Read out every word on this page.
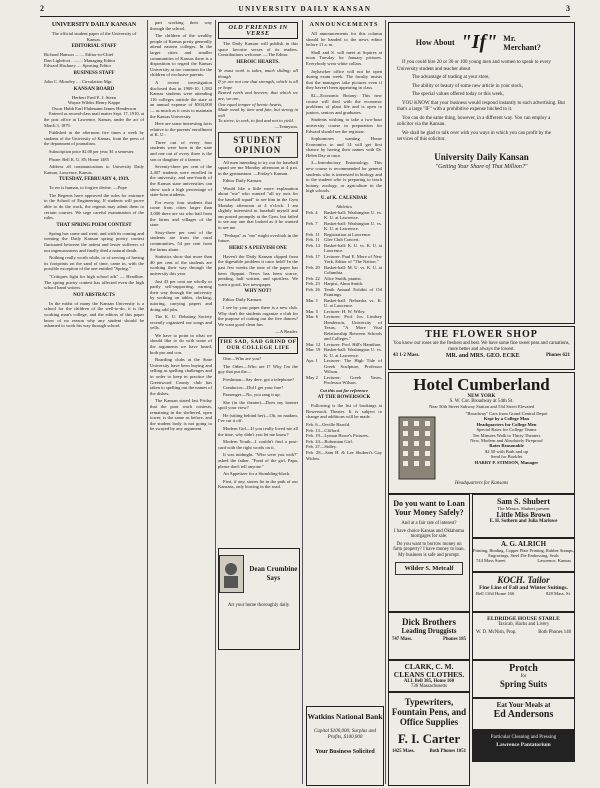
2	UNIVERSITY DAILY KANSAN	3
UNIVERSITY DAILY KANSAN
The official student paper of the University of Kansas.
EDITORIAL STAFF
Richard Hanson ........ Editor-in-Chief
Dan Lightfoot .......... Managing Editor
Edward Hackney .... Sporting Editor
BUSINESS STAFF
John C. Moseley .... Circulation Mgr.
KANSAN BOARD
Herbert Fred E. J. Steen
Wayne Wildes Henry Kappe
Oscar Hubb Earl Fluhmann James Henderson

Entered as second-class mail matter Sept. 17, 1910, at the post office at Lawrence, Kansas, under the act of March 3, 1879.

Published in the afternoon five times a week by students of the University of Kansas, from the press of the department of journalism.

Subscription price $2.00 per year, $1 a semester.

Phone: Bell K. U. 85; Home 1485

Address all communications to University Daily Kansan, Lawrence, Kansas.

TUESDAY, FEBRUARY 4, 1919.

To err is human, to forgive divine. —Pope

The Regents have approved the rules for entrance to the School of Engineering. If students will prove able to do the work, the regents may admit them to certain courses. We urge careful examination of the rules.

THAT SPRING POEM CONTEST

Spring has come and went, and with its coming and wenting the Daily Kansan spring poetry contest fluctuated between the ardent and lesser sufferers of our ingenuousness and finally died a natural death.

Nothing really worth while, or of serving of having its footprints on the sand of time, came in, with the possible exception of the one entitled "Spring."

"Critiques fight for high school ads" — Headline. The spring poetry contest has affected even the high school band writers.

NOT ABSTRACTS

In the midst of many the Kansan University is a school for the children of the well-to-do, it is the working man's college, and the editors of this paper know of no reason why any student should be ashamed to work his way through school.

part working their way through the school.

The children of the wealthy people of Kansas pretty generally attend eastern colleges. In the larger cities and smaller communities of Kansas there is a disposition to regard the Kansas University as too common for the children of exclusive parents.

A recent investigation disclosed that in 1909-10, 1,582 Kansas students were attending 116 colleges outside the state at an annual expense of $504,000 — as much as it costs to maintain the Kansas University.

Here are some interesting facts relative to the parents' enrollment at K. U.:

Three out of every four students were born in the state and one out of every three is the son or daughter of a farmer.

Seventy-three per cent of the 2,407 students were enrolled in the university, and one-fourth of the Kansas state universities can show such a high percentage of state-born students.

For every four students that come from cities larger than 3,000 there are six who hail from the farms and villages of the state.

Sixty-three per cent of the students are from the rural communities, 54 per cent from the farms alone.

Statistics show that more than 40 per cent of the students are working their way through the university this year.

Just 43 per cent are wholly or partly self-supporting, earning their way through the university by working on tables, clerking, tutoring, carrying papers and doing odd jobs.

The K. U. Debating Society recently organized our songs and yells.

We have to point to what we should like to do with some of the arguments we have heard, both pro and con.

Boarding clubs at the State University have been buying and selling as spelling challenges and in order to keep in practice the Greenwood County club has taken to spelling out the names of the dishes.

The Kansan stated last Friday that the poor work contests, remaining in the sheltered, open tower, is the same as before, and the student body is not going to be swayed by any argument.

OLD FRIENDS IN VERSE

The Daily Kansan will publish in this space favorite verses of its readers. Contributions welcome. —The Editor.

HEROIC HEARTS.
Ye must work is takes, much sliding; all though
If ye are not one that strength, which is all ye hope
Reared earth and heaven; that which we are, we are,
One equal temper of heroic hearts,
Made weak by time and fate, but strong in will
To strive, to seek, to find and not to yield.
—Tennyson.
STUDENT OPINION

All men intending to try out for baseball squad see me Monday afternoon at 4 p.m. in the gymnasium. —Friday's Kansan.

Editor Daily Kansan:

Would like a little more explanation about "me" who wanted "all try outs for the baseball squad" to see him in the Gym Monday afternoon at 4 o'clock. I am slightly interested in baseball myself and am posted promptly at the Gym, but failed to see any one that looked as if he wanted to see me.

"Perhaps" as "me" might overlook in the future.

HERE'S A PEEVISH ONE

Haven't the Daily Kansan clipped from the digestible problem it once held? In the past few weeks the tone of the paper has been flippant. News has been scarce, pending, half written, and spiritless. We want a good, live newspaper.

WHY NOT?

Editor Daily Kansan:

I see by your paper there is a new club. Why don't the students organize a club for the purpose of cutting out the five dances? We want good clean fun.

—A Reader.
THE SAD, SAD GRIND OF OUR COLLEGE LIFE

One—Who are you?

The Other—Who are I? Why I'm the guy that put the—

Freshman—Say dere, got a telephone?

Conductor—Did I get your fare?

Passenger—No, you rang it up.

She (in the theater)—Does my bonnet spoil your view?

He (sitting behind her)—Oh, no madam, I've cut it off.

Modern Girl—If you really loved me all the time, why didn't you let me know?

Modern Youth—I couldn't find a post-card with the right words on it.

It was midnight. "Who were you with?" asked the father. "Fond of the girl, Papa, please don't tell anyone."

An Appetizer for a Stumbling-block.

First, if any, stones lie in the path of our Kansans, only bowing in the road.

ANNOUNCEMENTS

All announcements for this column should be handed to the news editor before 11 a. m.

Shall and S. will meet at Squires at noon Tuesday for January pictures. Everybody wear white collars.

Jayhawker office will not be open during exam week. The faculty insists that the managers take pictures even if they haven't been appearing in class.

82—Economic Botany: This new course will deal with the economic problems of plant life and is open to juniors, seniors and graduates.

Students wishing to take a two-hour university course in preparation for Edward should see the registrar.

Sophomores wanting Home Economics to and 14 will get first chance by having their names with Dr. Helen Day at once.

3—Introductory Entomology. This new course is recommended for general students who is interested in biology and to the student who is preparing to teach botany, zoology, or agriculture in the high schools.

U. of K. CALENDAR
Athletics
Feb. 4	Basket-ball: Washington U. vs. K. U. at Lawrence.
Feb. 7	Basket-ball: Washington U. vs. K. U. at Lawrence.
Feb. 11 Registration at Lawrence.
Feb. 11 Glee Club Concert.
Feb. 14 Basket-ball: K. U. vs. K. U. at Lawrence.
Feb. 17 Lecturer: Paul E. More of New York, Editor of "The Nation."
Feb. 20 Basket-ball: M. U. vs. K. U. at Columbia.
Feb. 22 Alice Smith, pianist.
Feb. 23 Harpist, Alma Smith.
Feb. 26 Tenth Annual Exhibit of Oil Paintings.
Mar. 1	Basket-ball: Nebraska vs. K. U. at Lawrence.
Mar. 5	Lecturer: H. W. Wiley.
Mar. 6	Lecturer: Prof. Jos. Lindsey Henderson, University of Texas, "A More Vital Relationship Between Schools and Colleges."
Mar. 12 Lecturer: Prof. Hill's Hamilton.
Mar. 19 Basket-ball: Washington U. vs. K. U. at Lawrence.
Apr. 1	Lecturer: The High Tide of Greek Sculpture, Professor Wilson.
May 2	Lecturer: Greek Vases, Professor Wilson.
Cut this out for reference
AT THE BOWERSOCK

Following is the list of bookings at Bowersock Theater. It is subject to change and additions will be made.

Feb. 6—Orville Harold.
Feb. 13—Clifford.
Feb. 19—Lyman Howe's Pictures.
Feb. 24—Bohemian Girl.
Feb. 27—Sidley.
Feb. 28—Sam H. & Lee Shubert's Gay Widow.
Dean Crumbine Says
Art your home thoroughly daily.
How About "If" Mr. Merchant?

If you could hire 20 or 30 or 100 young men and women to speak to every University student and teacher about

The advantage of trading at your store,

The ability or beauty of some new article in your stock,

The special values offered today or this week,

YOU KNOW that your business would respond instantly to such advertising. But that's a large "IF" with a prohibitive expense hitched to it.

You can do the same thing, however, in a different way. You can employ a solicitor via the Kansan.

We shall be glad to talk over with you ways in which you can profit by the services of this solicitor.

University Daily Kansan
"Getting Your Share of That Million?"
THE FLOWER SHOP
You know our roses are the freshest and best. We have some fine sweet peas and carnations, more better and always the lowest.
43 1-2 Mass.	MR. and MRS. GEO. ECKE	Phones 621
Hotel Cumberland
NEW YORK
S. W. Cor. Broadway at 54th St.
Near 50th Street Subway Station and 53d Street Elevated
"Broadway" Cars from Grand Central Depot
Kept by a College Man
Headquarters for College Men
Special Rates for College Teams
Ten Minutes Walk to Thirty Theaters
New, Modern and Absolutely Fireproof
Rates Reasonable
$2.50 with Bath and up
Send for Booklet
HARRY P. STIMSON, Manager
Headquarters for Kansans
Do you want to Loan Your Money Safely?
And at a fair rate of interest?
I have choice Kansas and Oklahoma mortgages for sale.
Do you want to borrow money on farm property? I have money to loan. My business is safe and prompt.
Wilder S. Metcalf
Sam S. Shubert
The Messrs. Shubert present
Little Miss Brown
E. H. Sothern and Julia Marlowe
A. G. ALRICH
Printing, Binding, Copper Plate Printing, Rubber Stamps, Engravings, Steel Die Embossing, Seals
744 Mass Street	Lawrence, Kansas
KOCH. Tailor
Fine Line of Fall and Winter Suitings.
Bell 1164 Home 166	828 Mass. St.
Dick Brothers
Leading Druggists
747 Mass.	Phones 185
ELDRIDGE HOUSE STABLE
Taxicab, Hacks and Livery
W. D. McNish, Prop.	Both Phones 146
CLARK, C. M. CLEANS CLOTHES.
ALL Bell 385, Home 160
736 Massachusetts
Protch
for
Spring Suits
Typewriters, Fountain Pens, and Office Supplies
F. I. Carter
1425 Mass.	Both Phones 1051
Eat Your Meals at
Ed Andersons
Particular Cleaning and Pressing
Lawrence Pantatorium
Watkins National Bank
Capital $100,000; Surplus and Profits, $100,000
Your Business Solicited
